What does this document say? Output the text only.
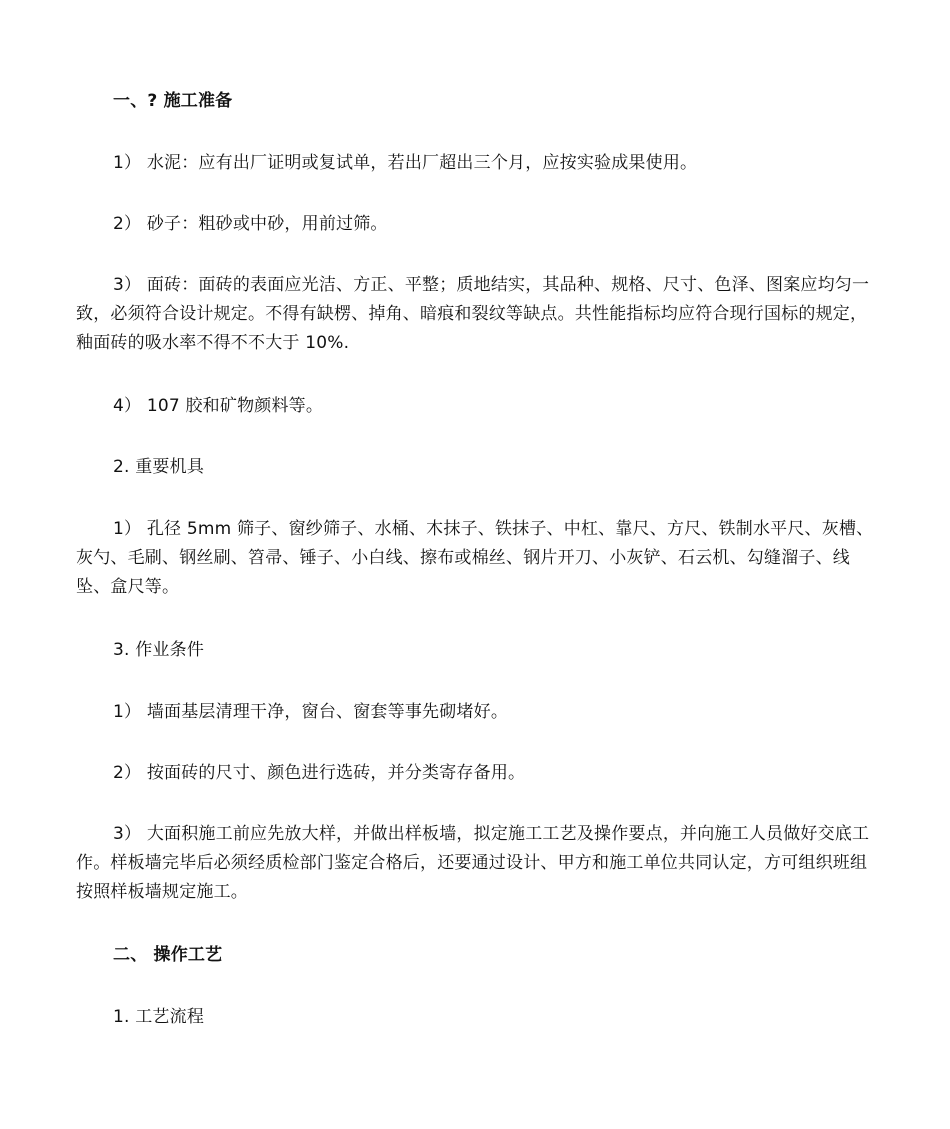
一、? 施工准备

1） 水泥：应有出厂证明或复试单，若出厂超出三个月，应按实验成果使用。

2） 砂子：粗砂或中砂，用前过筛。

3） 面砖：面砖的表面应光洁、方正、平整；质地结实，其品种、规格、尺寸、色泽、图案应均匀一致，必须符合设计规定。不得有缺楞、掉角、暗痕和裂纹等缺点。共性能指标均应符合现行国标的规定，釉面砖的吸水率不得不不大于 10%.

4） 107 胶和矿物颜料等。

2. 重要机具

1） 孔径 5mm 筛子、窗纱筛子、水桶、木抹子、铁抹子、中杠、靠尺、方尺、铁制水平尺、灰槽、灰勺、毛刷、钢丝刷、笤帚、锤子、小白线、擦布或棉丝、钢片开刀、小灰铲、石云机、勾缝溜子、线坠、盒尺等。

3. 作业条件

1） 墙面基层清理干净，窗台、窗套等事先砌堵好。

2） 按面砖的尺寸、颜色进行选砖，并分类寄存备用。

3） 大面积施工前应先放大样，并做出样板墙，拟定施工工艺及操作要点，并向施工人员做好交底工作。样板墙完毕后必须经质检部门鉴定合格后，还要通过设计、甲方和施工单位共同认定，方可组织班组按照样板墙规定施工。

二、 操作工艺

1. 工艺流程
